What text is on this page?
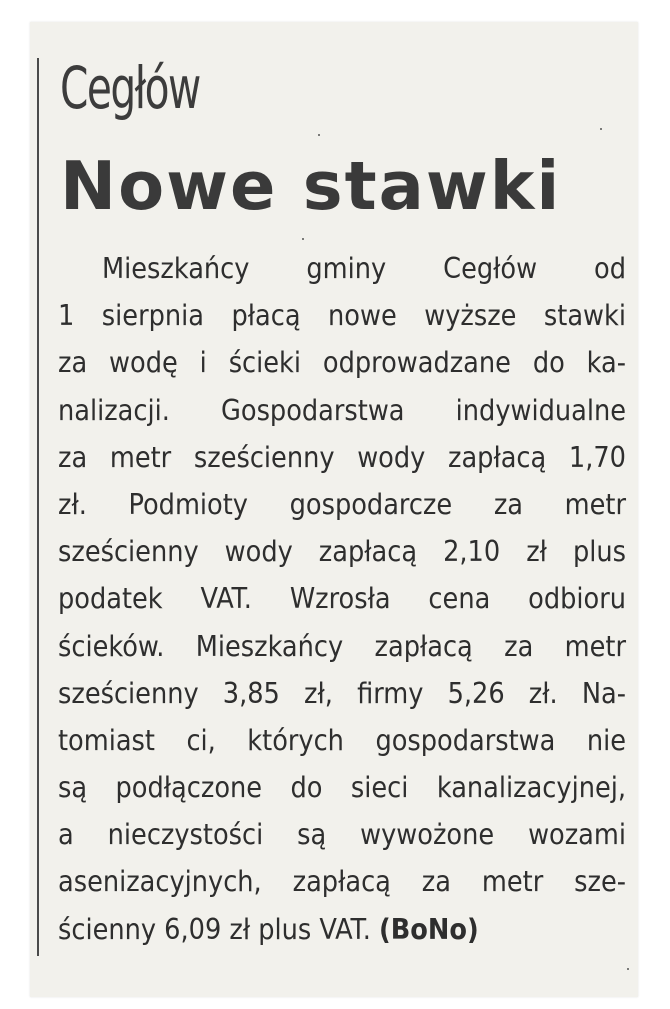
Cegłów
Nowe stawki
Mieszkańcy gminy Cegłów od
1 sierpnia płacą nowe wyższe stawki
za wodę i ścieki odprowadzane do ka-
nalizacji. Gospodarstwa indywidualne
za metr sześcienny wody zapłacą 1,70
zł. Podmioty gospodarcze za metr
sześcienny wody zapłacą 2,10 zł plus
podatek VAT. Wzrosła cena odbioru
ścieków. Mieszkańcy zapłacą za metr
sześcienny 3,85 zł, firmy 5,26 zł. Na-
tomiast ci, których gospodarstwa nie
są podłączone do sieci kanalizacyjnej,
a nieczystości są wywożone wozami
asenizacyjnych, zapłacą za metr sze-
ścienny 6,09 zł plus VAT. (BoNo)
